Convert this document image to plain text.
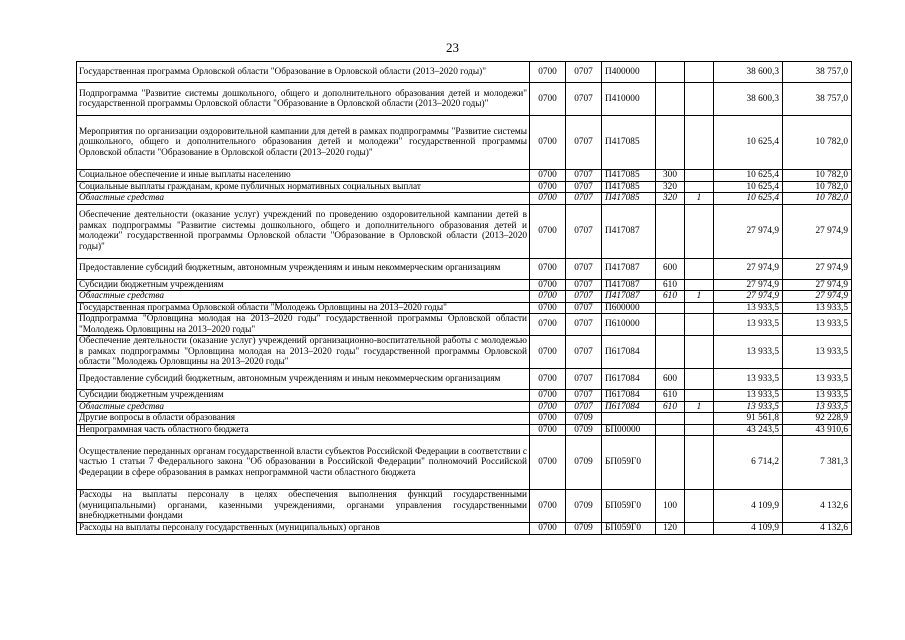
23
Государственная программа Орловской области "Образование в Орловской области (2013–2020 годы)"	0700	0707	П400000			38 600,3	38 757,0
Подпрограмма "Развитие системы дошкольного, общего и дополнительного образования детей и молодежи" государственной программы Орловской области "Образование в Орловской области (2013–2020 годы)"	0700	0707	П410000			38 600,3	38 757,0
Мероприятия по организации оздоровительной кампании для детей в рамках подпрограммы "Развитие системы дошкольного, общего и дополнительного образования детей и молодежи" государственной программы Орловской области "Образование в Орловской области (2013–2020 годы)"	0700	0707	П417085			10 625,4	10 782,0
Социальное обеспечение и иные выплаты населению	0700	0707	П417085	300		10 625,4	10 782,0
Социальные выплаты гражданам, кроме публичных нормативных социальных выплат	0700	0707	П417085	320		10 625,4	10 782,0
Областные средства	0700	0707	П417085	320	1	10 625,4	10 782,0
Обеспечение деятельности (оказание услуг) учреждений по проведению оздоровительной кампании детей в рамках подпрограммы "Развитие системы дошкольного, общего и дополнительного образования детей и молодежи" государственной программы Орловской области "Образование в Орловской области (2013–2020 годы)"	0700	0707	П417087			27 974,9	27 974,9
Предоставление субсидий бюджетным, автономным учреждениям и иным некоммерческим организациям	0700	0707	П417087	600		27 974,9	27 974,9
Субсидии бюджетным учреждениям	0700	0707	П417087	610		27 974,9	27 974,9
Областные средства	0700	0707	П417087	610	1	27 974,9	27 974,9
Государственная программа Орловской области "Молодежь Орловщины на 2013–2020 годы"	0700	0707	П600000			13 933,5	13 933,5
Подпрограмма "Орловщина молодая на 2013–2020 годы" государственной программы Орловской области "Молодежь Орловщины на 2013–2020 годы"	0700	0707	П610000			13 933,5	13 933,5
Обеспечение деятельности (оказание услуг) учреждений организационно-воспитательной работы с молодежью в рамках подпрограммы "Орловщина молодая на 2013–2020 годы" государственной программы Орловской области "Молодежь Орловщины на 2013–2020 годы"	0700	0707	П617084			13 933,5	13 933,5
Предоставление субсидий бюджетным, автономным учреждениям и иным некоммерческим организациям	0700	0707	П617084	600		13 933,5	13 933,5
Субсидии бюджетным учреждениям	0700	0707	П617084	610		13 933,5	13 933,5
Областные средства	0700	0707	П617084	610	1	13 933,5	13 933,5
Другие вопросы в области образования	0700	0709				91 561,8	92 228,9
Непрограммная часть областного бюджета	0700	0709	БП00000			43 243,5	43 910,6
Осуществление переданных органам государственной власти субъектов Российской Федерации в соответствии с частью 1 статьи 7 Федерального закона "Об образовании в Российской Федерации" полномочий Российской Федерации в сфере образования в рамках непрограммной части областного бюджета	0700	0709	БП059Г0			6 714,2	7 381,3
Расходы на выплаты персоналу в целях обеспечения выполнения функций государственными (муниципальными) органами, казенными учреждениями, органами управления государственными внебюджетными фондами	0700	0709	БП059Г0	100		4 109,9	4 132,6
Расходы на выплаты персоналу государственных (муниципальных) органов	0700	0709	БП059Г0	120		4 109,9	4 132,6
